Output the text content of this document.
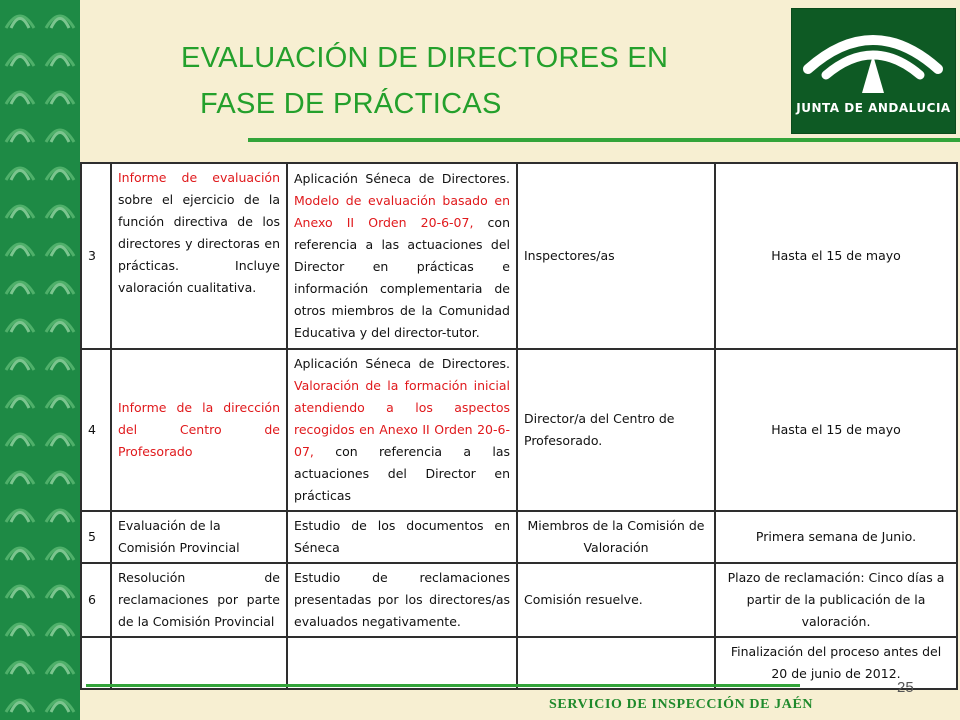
EVALUACIÓN DE DIRECTORES EN
FASE DE PRÁCTICAS	JUNTA DE ANDALUCIA
3	Informe de evaluación sobre el ejercicio de la función directiva de los directores y directoras en prácticas. Incluye valoración cualitativa.	Aplicación Séneca de Directores. Modelo de evaluación basado en Anexo II Orden 20-6-07, con referencia a las actuaciones del Director en prácticas e información complementaria de otros miembros de la Comunidad Educativa y del director-tutor.	Inspectores/as	Hasta el 15 de mayo
4	Informe de la dirección del Centro de Profesorado	Aplicación Séneca de Directores. Valoración de la formación inicial atendiendo a los aspectos recogidos en Anexo II Orden 20-6-07, con referencia a las actuaciones del Director en prácticas	Director/a del Centro de Profesorado.	Hasta el 15 de mayo
5	Evaluación de la Comisión Provincial	Estudio de los documentos en Séneca	Miembros de la Comisión de Valoración	Primera semana de Junio.
6	Resolución de reclamaciones por parte de la Comisión Provincial	Estudio de reclamaciones presentadas por los directores/as evaluados negativamente.	Comisión resuelve.	Plazo de reclamación: Cinco días a partir de la publicación de la valoración.
				Finalización del proceso antes del 20 de junio de 2012.
SERVICIO DE INSPECCIÓN DE JAÉN
25
